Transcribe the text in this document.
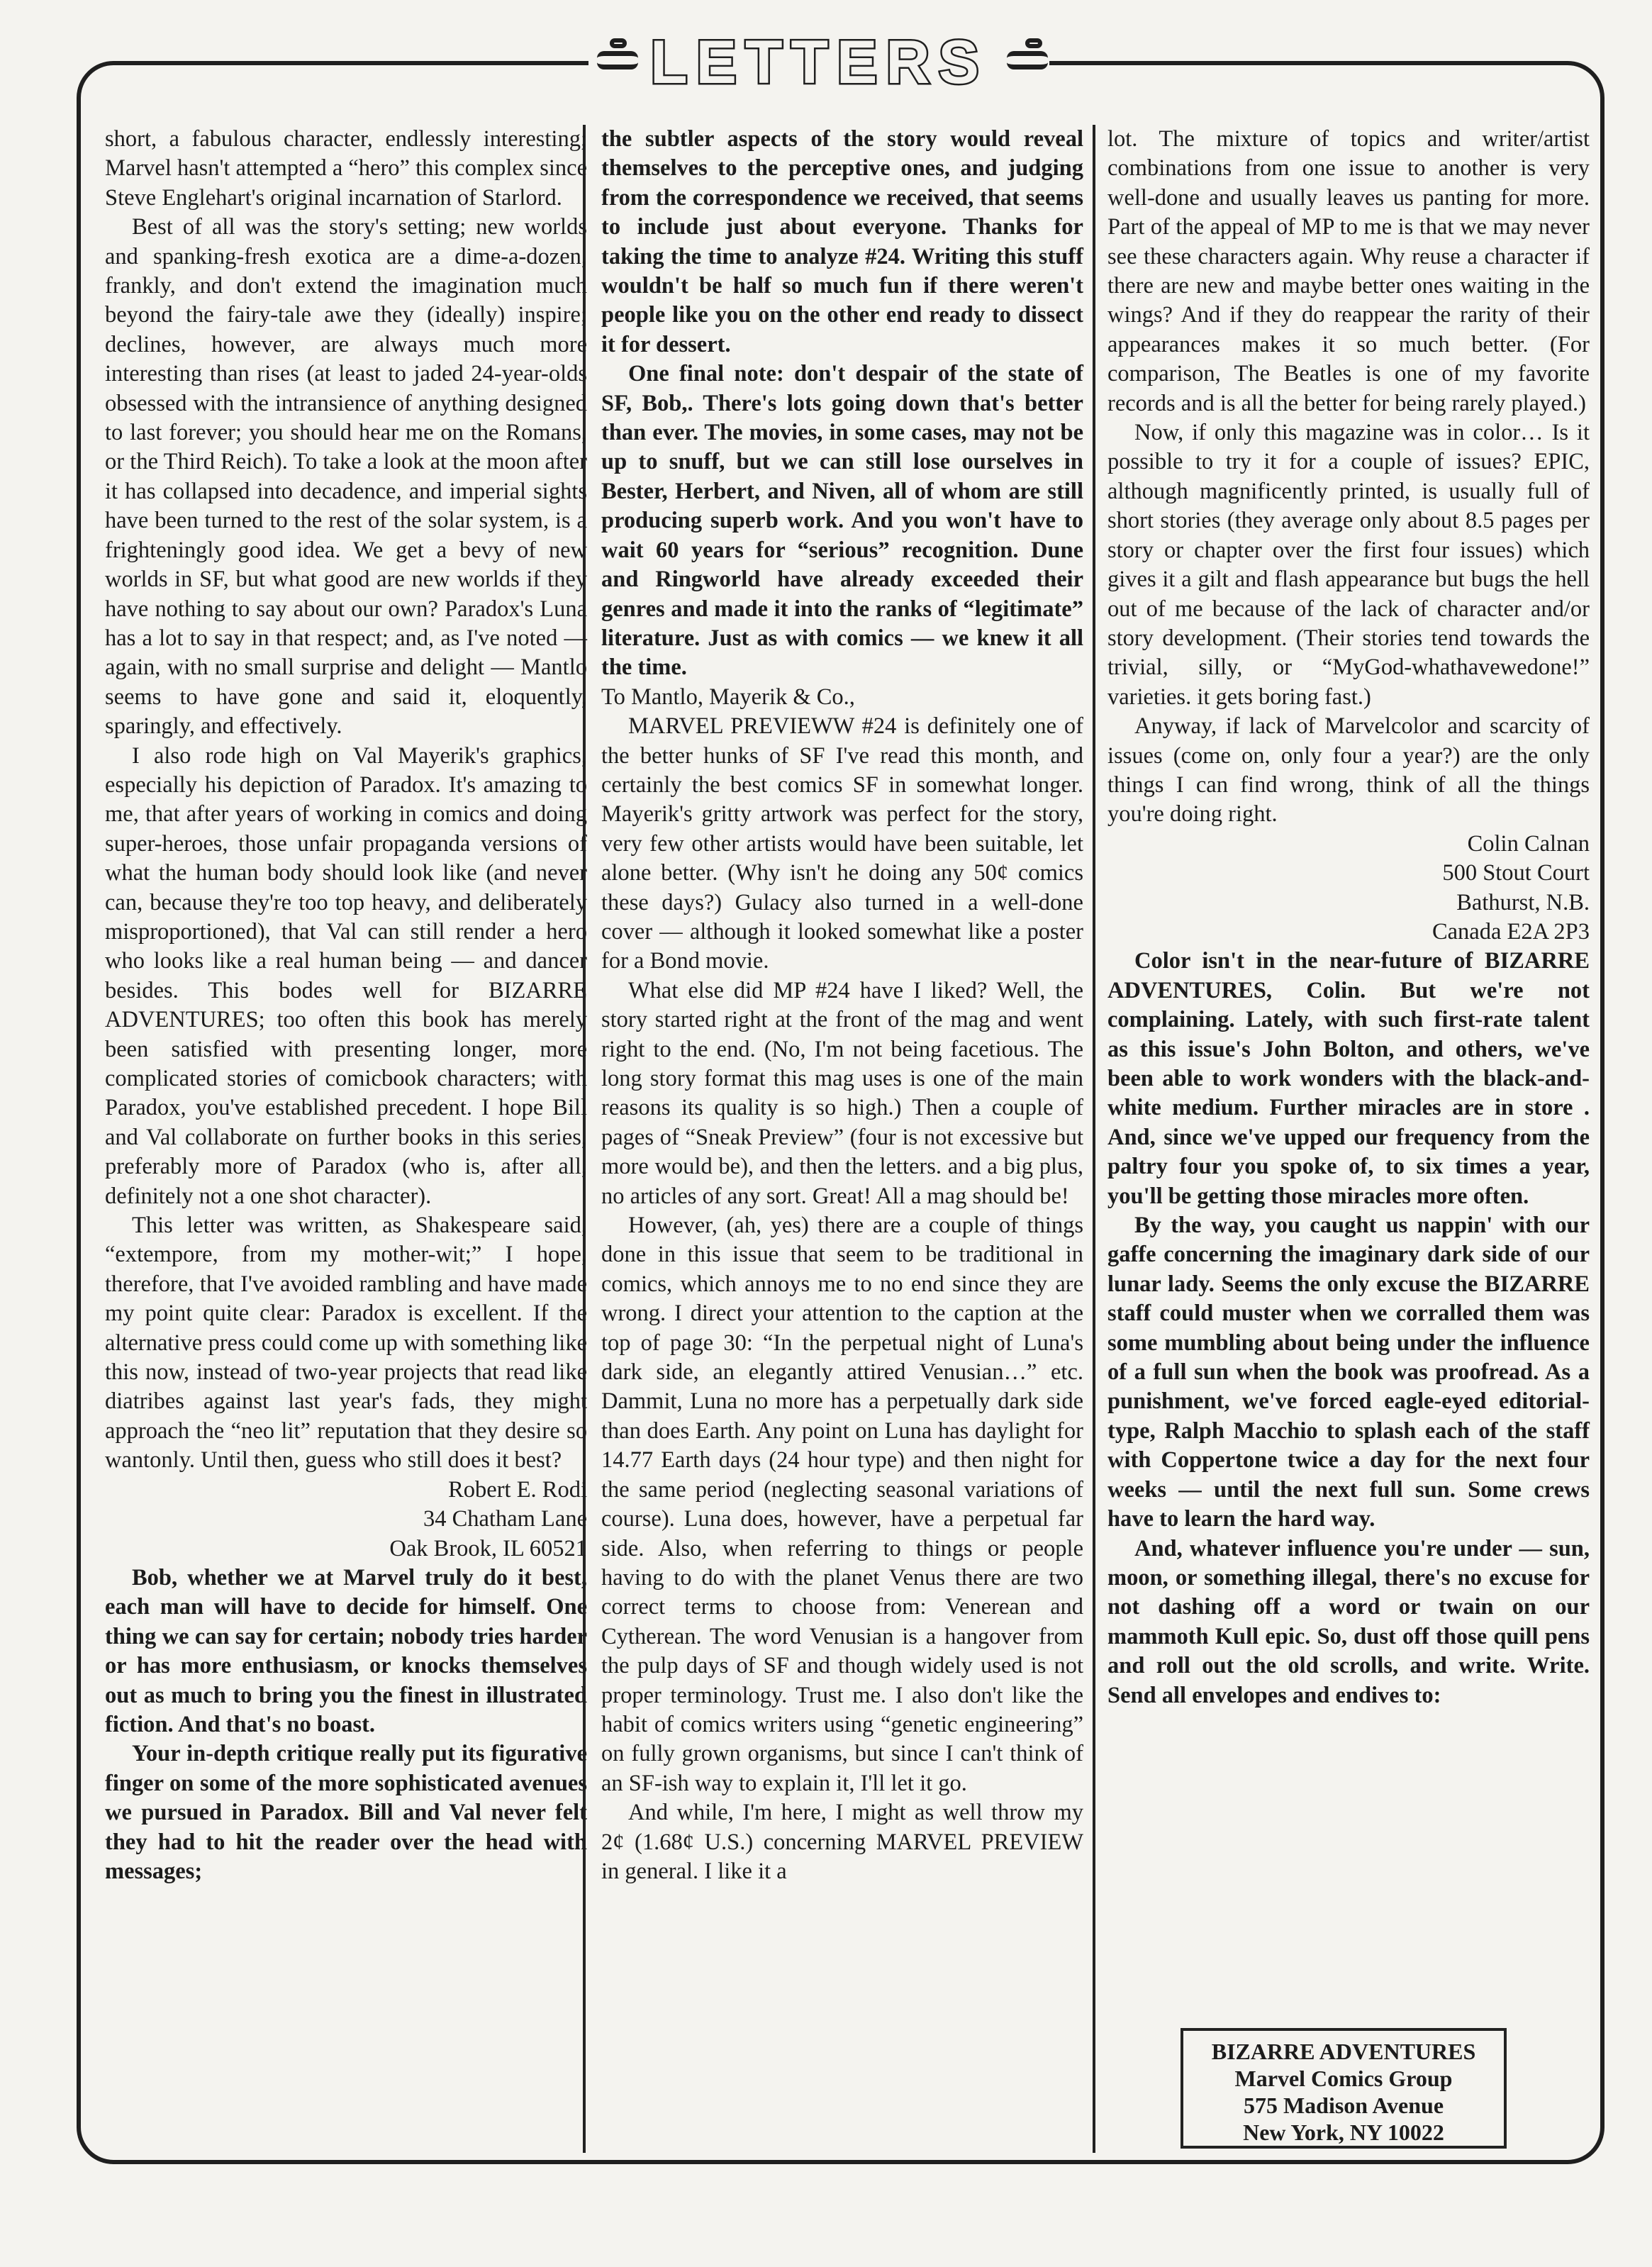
LETTERS

short, a fabulous character, endlessly interesting; Marvel hasn't attempted a “hero” this complex since Steve Englehart's original incarnation of Starlord.

Best of all was the story's setting; new worlds and spanking-fresh exotica are a dime-a-dozen, frankly, and don't extend the imagination much beyond the fairy-tale awe they (ideally) inspire; declines, however, are always much more interesting than rises (at least to jaded 24-year-olds obsessed with the intransience of anything designed to last forever; you should hear me on the Romans, or the Third Reich). To take a look at the moon after it has collapsed into decadence, and imperial sights have been turned to the rest of the solar system, is a frighteningly good idea. We get a bevy of new worlds in SF, but what good are new worlds if they have nothing to say about our own? Paradox's Luna has a lot to say in that respect; and, as I've noted — again, with no small surprise and delight — Mantlo seems to have gone and said it, eloquently, sparingly, and effectively.

I also rode high on Val Mayerik's graphics, especially his depiction of Paradox. It's amazing to me, that after years of working in comics and doing super-heroes, those unfair propaganda versions of what the human body should look like (and never can, because they're too top heavy, and deliberately misproportioned), that Val can still render a hero who looks like a real human being — and dancer besides. This bodes well for BIZARRE ADVENTURES; too often this book has merely been satisfied with presenting longer, more complicated stories of comicbook characters; with Paradox, you've established precedent. I hope Bill and Val collaborate on further books in this series, preferably more of Paradox (who is, after all, definitely not a one shot character).

This letter was written, as Shakespeare said, “extempore, from my mother-wit;” I hope, therefore, that I've avoided rambling and have made my point quite clear: Paradox is excellent. If the alternative press could come up with something like this now, instead of two-year projects that read like diatribes against last year's fads, they might approach the “neo lit” reputation that they desire so wantonly. Until then, guess who still does it best?

Robert E. Rodi

34 Chatham Lane

Oak Brook, IL 60521

Bob, whether we at Marvel truly do it best, each man will have to decide for himself. One thing we can say for certain; nobody tries harder or has more enthusiasm, or knocks themselves out as much to bring you the finest in illustrated fiction. And that's no boast.

Your in-depth critique really put its figurative finger on some of the more sophisticated avenues we pursued in Paradox. Bill and Val never felt they had to hit the reader over the head with messages;

the subtler aspects of the story would reveal themselves to the perceptive ones, and judging from the correspondence we received, that seems to include just about everyone. Thanks for taking the time to analyze #24. Writing this stuff wouldn't be half so much fun if there weren't people like you on the other end ready to dissect it for dessert.

One final note: don't despair of the state of SF, Bob,. There's lots going down that's better than ever. The movies, in some cases, may not be up to snuff, but we can still lose ourselves in Bester, Herbert, and Niven, all of whom are still producing superb work. And you won't have to wait 60 years for “serious” recognition. Dune and Ringworld have already exceeded their genres and made it into the ranks of “legitimate” literature. Just as with comics — we knew it all the time.

To Mantlo, Mayerik & Co.,

MARVEL PREVIEWW #24 is definitely one of the better hunks of SF I've read this month, and certainly the best comics SF in somewhat longer. Mayerik's gritty artwork was perfect for the story, very few other artists would have been suitable, let alone better. (Why isn't he doing any 50¢ comics these days?) Gulacy also turned in a well-done cover — although it looked somewhat like a poster for a Bond movie.

What else did MP #24 have I liked? Well, the story started right at the front of the mag and went right to the end. (No, I'm not being facetious. The long story format this mag uses is one of the main reasons its quality is so high.) Then a couple of pages of “Sneak Preview” (four is not excessive but more would be), and then the letters. and a big plus, no articles of any sort. Great! All a mag should be!

However, (ah, yes) there are a couple of things done in this issue that seem to be traditional in comics, which annoys me to no end since they are wrong. I direct your attention to the caption at the top of page 30: “In the perpetual night of Luna's dark side, an elegantly attired Venusian…” etc. Dammit, Luna no more has a perpetually dark side than does Earth. Any point on Luna has daylight for 14.77 Earth days (24 hour type) and then night for the same period (neglecting seasonal variations of course). Luna does, however, have a perpetual far side. Also, when referring to things or people having to do with the planet Venus there are two correct terms to choose from: Venerean and Cytherean. The word Venusian is a hangover from the pulp days of SF and though widely used is not proper terminology. Trust me. I also don't like the habit of comics writers using “genetic engineering” on fully grown organisms, but since I can't think of an SF-ish way to explain it, I'll let it go.

And while, I'm here, I might as well throw my 2¢ (1.68¢ U.S.) concerning MARVEL PREVIEW in general. I like it a

lot. The mixture of topics and writer/artist combinations from one issue to another is very well-done and usually leaves us panting for more. Part of the appeal of MP to me is that we may never see these characters again. Why reuse a character if there are new and maybe better ones waiting in the wings? And if they do reappear the rarity of their appearances makes it so much better. (For comparison, The Beatles is one of my favorite records and is all the better for being rarely played.)

Now, if only this magazine was in color… Is it possible to try it for a couple of issues? EPIC, although magnificently printed, is usually full of short stories (they average only about 8.5 pages per story or chapter over the first four issues) which gives it a gilt and flash appearance but bugs the hell out of me because of the lack of character and/or story development. (Their stories tend towards the trivial, silly, or “MyGod-whathavewedone!” varieties. it gets boring fast.)

Anyway, if lack of Marvelcolor and scarcity of issues (come on, only four a year?) are the only things I can find wrong, think of all the things you're doing right.

Colin Calnan

500 Stout Court

Bathurst, N.B.

Canada E2A 2P3

Color isn't in the near-future of BIZARRE ADVENTURES, Colin. But we're not complaining. Lately, with such first-rate talent as this issue's John Bolton, and others, we've been able to work wonders with the black-and-white medium. Further miracles are in store . And, since we've upped our frequency from the paltry four you spoke of, to six times a year, you'll be getting those miracles more often.

By the way, you caught us nappin' with our gaffe concerning the imaginary dark side of our lunar lady. Seems the only excuse the BIZARRE staff could muster when we corralled them was some mumbling about being under the influence of a full sun when the book was proofread. As a punishment, we've forced eagle-eyed editorial-type, Ralph Macchio to splash each of the staff with Coppertone twice a day for the next four weeks — until the next full sun. Some crews have to learn the hard way.

And, whatever influence you're under — sun, moon, or something illegal, there's no excuse for not dashing off a word or twain on our mammoth Kull epic. So, dust off those quill pens and roll out the old scrolls, and write. Write. Send all envelopes and endives to:

BIZARRE ADVENTURES
Marvel Comics Group
575 Madison Avenue
New York, NY 10022
